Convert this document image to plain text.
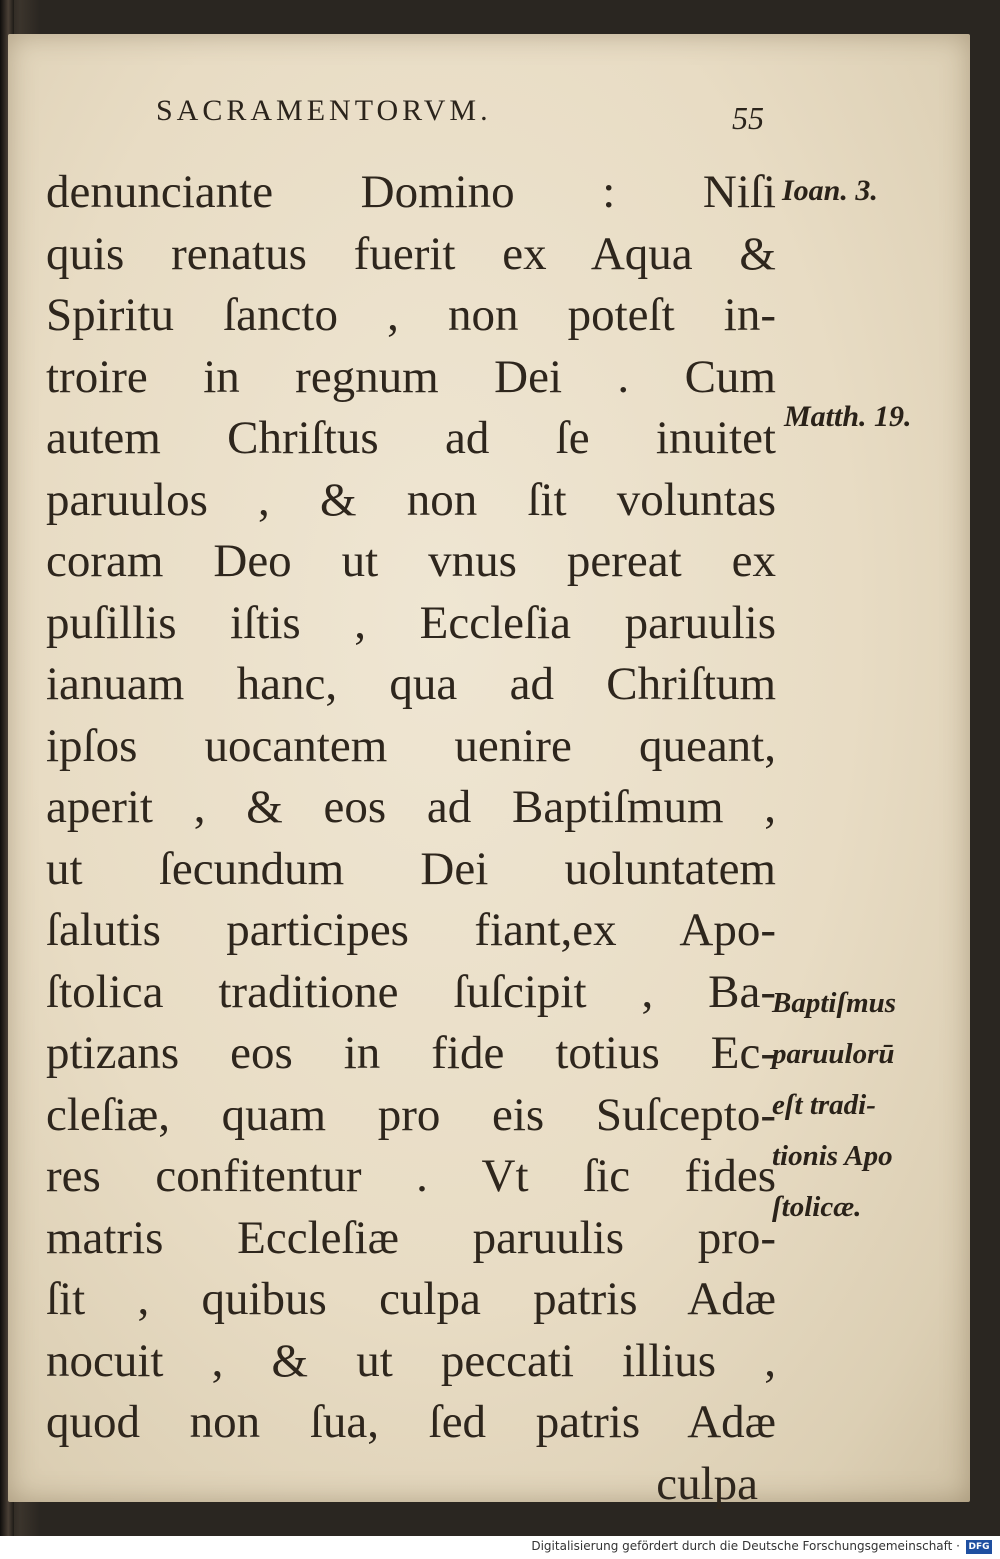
SACRAMENTORVM.	55
denunciante Domino : Niſi
quis renatus fuerit ex Aqua &
Spiritu ſancto , non poteſt in‐
troire in regnum Dei . Cum
autem Chriſtus ad ſe inuitet
paruulos , & non ſit voluntas
coram Deo ut vnus pereat ex
puſillis iſtis , Eccleſia paruulis
ianuam hanc, qua ad Chriſtum
ipſos uocantem uenire queant,
aperit , & eos ad Baptiſmum ,
ut ſecundum Dei uoluntatem
ſalutis participes fiant,ex Apo-
ſtolica traditione ſuſcipit , Ba‐
ptizans eos in fide totius Ec-
cleſiæ, quam pro eis Suſcepto-
res confitentur . Vt ſic fides
matris Eccleſiæ paruulis pro‐
ſit , quibus culpa patris Adæ
nocuit , & ut peccati illius ,
quod non ſua, ſed patris Adæ
culpa
Ioan. 3.
Matth. 19.
Baptiſmus
paruulorū
eſt tradi-
tionis Apo
ſtolicæ.
Digitalisierung gefördert durch die Deutsche Forschungsgemeinschaft · DFG
